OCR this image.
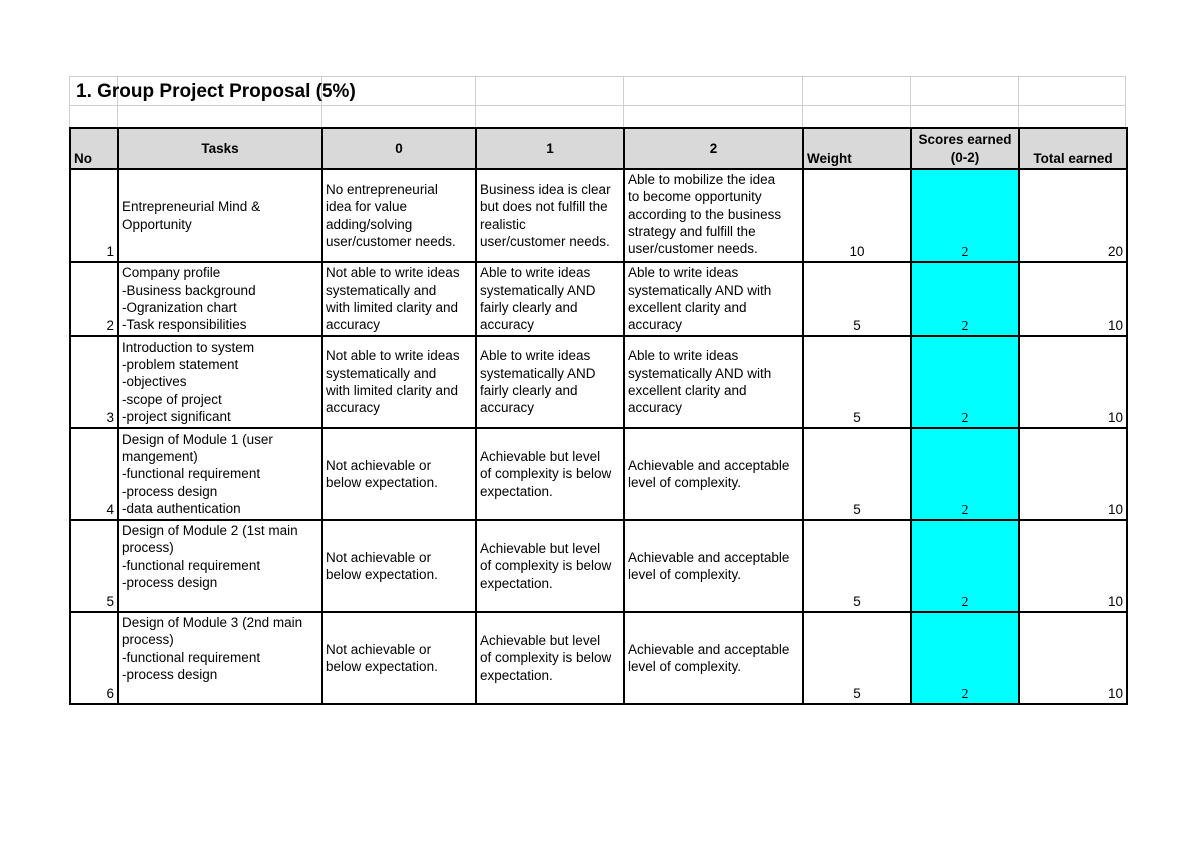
1. Group Project Proposal (5%)
No	Tasks	0	1	2	Weight	Scores earned (0-2)	Total earned
1	Entrepreneurial Mind &
Opportunity	No entrepreneurial
idea for value
adding/solving
user/customer needs.	Business idea is clear
but does not fulfill the
realistic
user/customer needs.	Able to mobilize the idea
to become opportunity
according to the business
strategy and fulfill the
user/customer needs.	10	2	20
2	Company profile
-Business background
-Ogranization chart
-Task responsibilities	Not able to write ideas
systematically and
with limited clarity and
accuracy	Able to write ideas
systematically AND
fairly clearly and
accuracy	Able to write ideas
systematically AND with
excellent clarity and
accuracy	5	2	10
3	Introduction to system
-problem statement
-objectives
-scope of project
-project significant	Not able to write ideas
systematically and
with limited clarity and
accuracy	Able to write ideas
systematically AND
fairly clearly and
accuracy	Able to write ideas
systematically AND with
excellent clarity and
accuracy	5	2	10
4	Design of Module 1 (user
mangement)
-functional requirement
-process design
-data authentication	Not achievable or
below expectation.	Achievable but level
of complexity is below
expectation.	Achievable and acceptable
level of complexity.	5	2	10
5	Design of Module 2 (1st main
process)
-functional requirement
-process design	Not achievable or
below expectation.	Achievable but level
of complexity is below
expectation.	Achievable and acceptable
level of complexity.	5	2	10
6	Design of Module 3 (2nd main
process)
-functional requirement
-process design	Not achievable or
below expectation.	Achievable but level
of complexity is below
expectation.	Achievable and acceptable
level of complexity.	5	2	10
